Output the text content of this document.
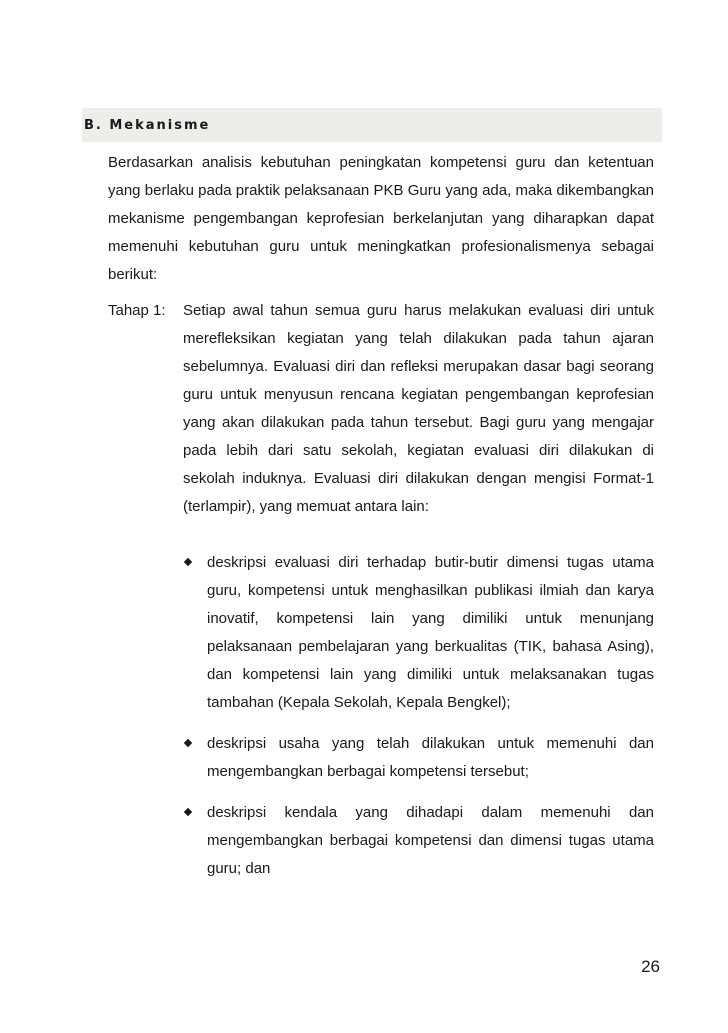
B. Mekanisme

Berdasarkan analisis kebutuhan peningkatan kompetensi guru dan ketentuan yang berlaku pada praktik pelaksanaan PKB Guru yang ada, maka dikembangkan mekanisme pengembangan keprofesian berkelanjutan yang diharapkan dapat memenuhi kebutuhan guru untuk meningkatkan profesionalismenya sebagai berikut:

Tahap 1: Setiap awal tahun semua guru harus melakukan evaluasi diri untuk merefleksikan kegiatan yang telah dilakukan pada tahun ajaran sebelumnya. Evaluasi diri dan refleksi merupakan dasar bagi seorang guru untuk menyusun rencana kegiatan pengembangan keprofesian yang akan dilakukan pada tahun tersebut. Bagi guru yang mengajar pada lebih dari satu sekolah, kegiatan evaluasi diri dilakukan di sekolah induknya. Evaluasi diri dilakukan dengan mengisi Format-1 (terlampir), yang memuat antara lain:

deskripsi evaluasi diri terhadap butir-butir dimensi tugas utama guru, kompetensi untuk menghasilkan publikasi ilmiah dan karya inovatif, kompetensi lain yang dimiliki untuk menunjang pelaksanaan pembelajaran yang berkualitas (TIK, bahasa Asing), dan kompetensi lain yang dimiliki untuk melaksanakan tugas tambahan (Kepala Sekolah, Kepala Bengkel);
deskripsi usaha yang telah dilakukan untuk memenuhi dan mengembangkan berbagai kompetensi tersebut;
deskripsi kendala yang dihadapi dalam memenuhi dan mengembangkan berbagai kompetensi dan dimensi tugas utama guru; dan
26
